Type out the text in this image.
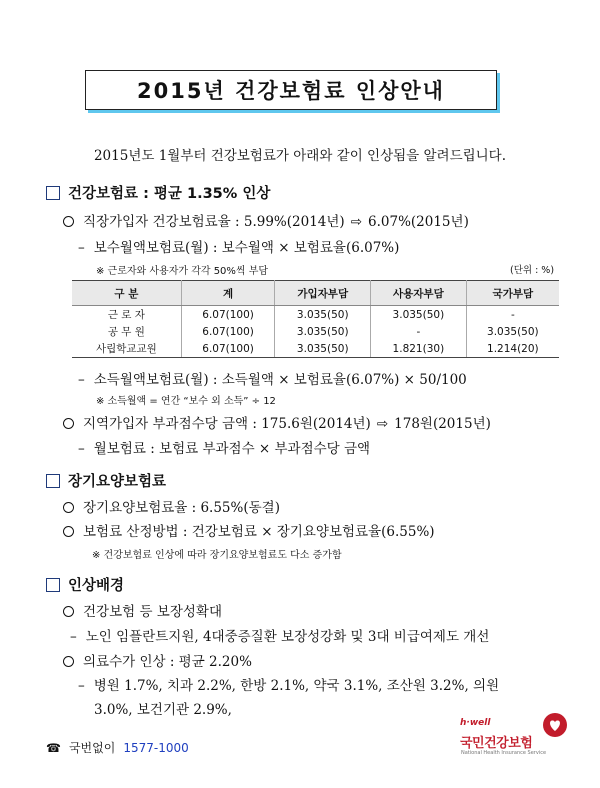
2015년 건강보험료 인상안내
2015년도 1월부터 건강보험료가 아래와 같이 인상됨을 알려드립니다.
건강보험료 : 평균 1.35% 인상
직장가입자 건강보험료율 : 5.99%(2014년) ⇨ 6.07%(2015년)
– 보수월액보험료(월) : 보수월액 × 보험료율(6.07%)
※ 근로자와 사용자가 각각 50%씩 부담	(단위 : %)
구 분	계	가입자부담	사용자부담	국가부담
근 로 자	6.07(100)	3.035(50)	3.035(50)	-
공 무 원	6.07(100)	3.035(50)	-	3.035(50)
사립학교교원	6.07(100)	3.035(50)	1.821(30)	1.214(20)
– 소득월액보험료(월) : 소득월액 × 보험료율(6.07%) × 50/100
※ 소득월액 = 연간 “보수 외 소득” ÷ 12
지역가입자 부과점수당 금액 : 175.6원(2014년) ⇨ 178원(2015년)
– 월보험료 : 보험료 부과점수 × 부과점수당 금액
장기요양보험료
장기요양보험료율 : 6.55%(동결)
보험료 산정방법 : 건강보험료 × 장기요양보험료율(6.55%)
※ 건강보험료 인상에 따라 장기요양보험료도 다소 증가함
인상배경
건강보험 등 보장성확대
– 노인 임플란트지원, 4대중증질환 보장성강화 및 3대 비급여제도 개선
의료수가 인상 : 평균 2.20%
– 병원 1.7%, 치과 2.2%, 한방 2.1%, 약국 3.1%, 조산원 3.2%, 의원
3.0%, 보건기관 2.9%,
☎ 국번없이 1577-1000
h·well
국민건강보험
National Health Insurance Service
